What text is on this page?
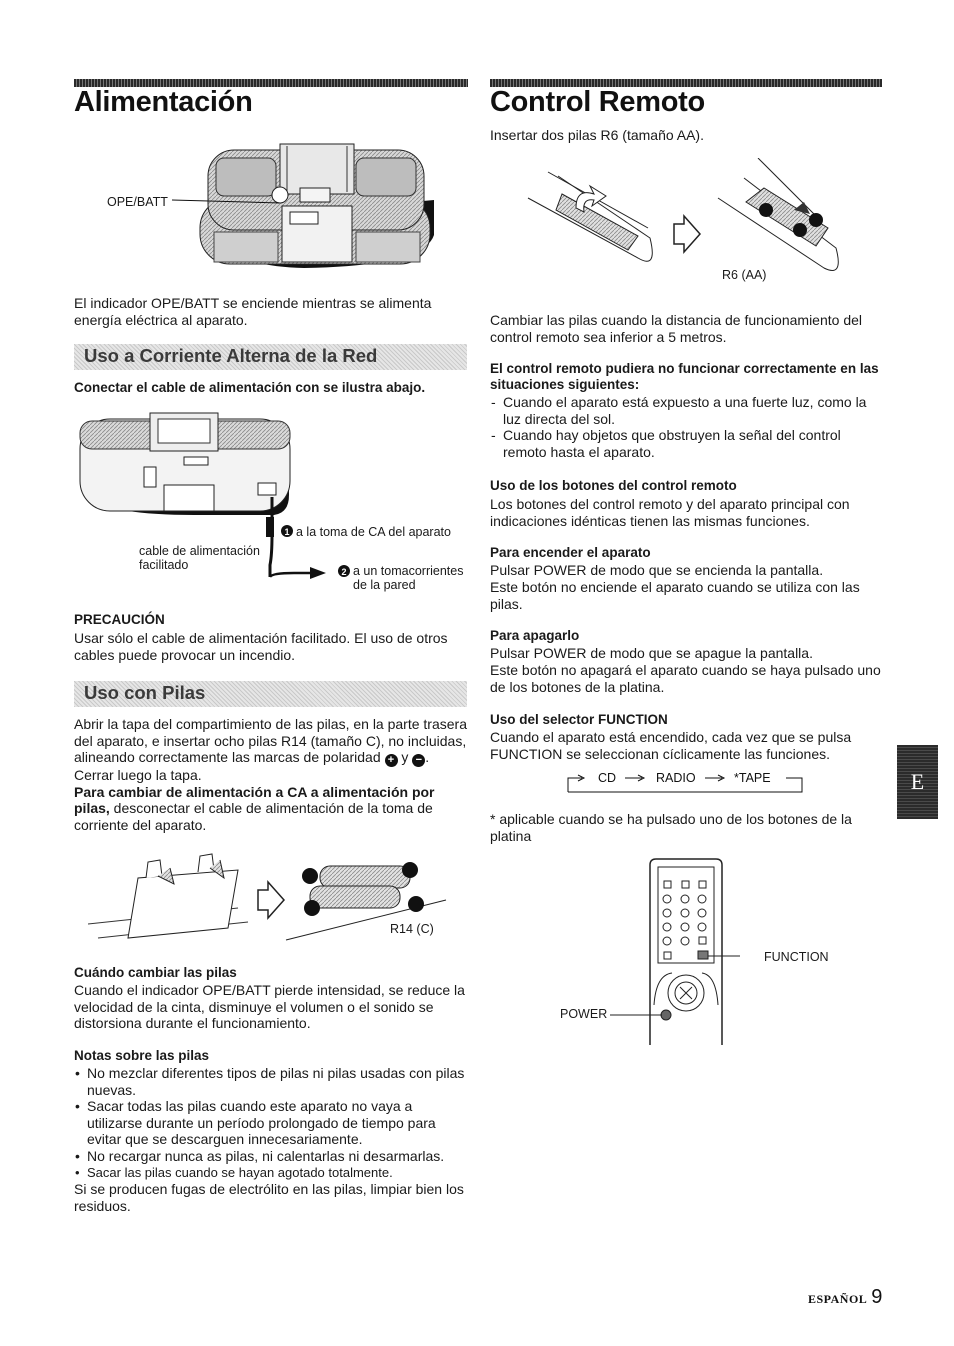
Alimentación

OPE/BATT

El indicador OPE/BATT se enciende mientras se alimenta energía eléctrica al aparato.

Uso a Corriente Alterna de la Red

Conectar el cable de alimentación con se ilustra abajo.

1
2

a la toma de CA del aparato

cable de alimentación

facilitado	a un tomacorrientes

de la pared

PRECAUCIÓN

Usar sólo el cable de alimentación facilitado. El uso de otros cables puede provocar un incendio.

Uso con Pilas

Abrir la tapa del compartimiento de las pilas, en la parte trasera del aparato, e insertar ocho pilas R14 (tamaño C), no incluidas, alineando correctamente las marcas de polaridad + y − . Cerrar luego la tapa.

Para cambiar de alimentación a CA a alimentación por pilas, desconectar el cable de alimentación de la toma de corriente del aparato.

R14 (C)

Cuándo cambiar las pilas

Cuando el indicador OPE/BATT pierde intensidad, se reduce la velocidad de la cinta, disminuye el volumen o el sonido se distorsiona durante el funcionamiento.

Notas sobre las pilas

• No mezclar diferentes tipos de pilas ni pilas usadas con pilas nuevas.
• Sacar todas las pilas cuando este aparato no vaya a utilizarse durante un período prolongado de tiempo para evitar que se descarguen innecesariamente.
• No recargar nunca as pilas, ni calentarlas ni desarmarlas.
• Sacar las pilas cuando se hayan agotado totalmente.

Si se producen fugas de electrólito en las pilas, limpiar bien los residuos.

Control Remoto

Insertar dos pilas R6 (tamaño AA).

R6 (AA)

Cambiar las pilas cuando la distancia de funcionamiento del control remoto sea inferior a 5 metros.

El control remoto pudiera no funcionar correctamente en las situaciones siguientes:

- Cuando el aparato está expuesto a una fuerte luz, como la luz directa del sol.
- Cuando hay objetos que obstruyen la señal del control remoto hasta el aparato.

Uso de los botones del control remoto

Los botones del control remoto y del aparato principal con indicaciones idénticas tienen las mismas funciones.

Para encender el aparato

Pulsar POWER de modo que se encienda la pantalla.

Este botón no enciende el aparato cuando se utiliza con las pilas.

Para apagarlo

Pulsar POWER de modo que se apague la pantalla.

Este botón no apagará el aparato cuando se haya pulsado uno de los botones de la platina.

Uso del selector FUNCTION

Cuando el aparato está encendido, cada vez que se pulsa FUNCTION se seleccionan cíclicamente las funciones.

CD	RADIO	*TAPE

* aplicable cuando se ha pulsado uno de los botones de la platina

FUNCTION

POWER

E
ESPAÑOL 9
